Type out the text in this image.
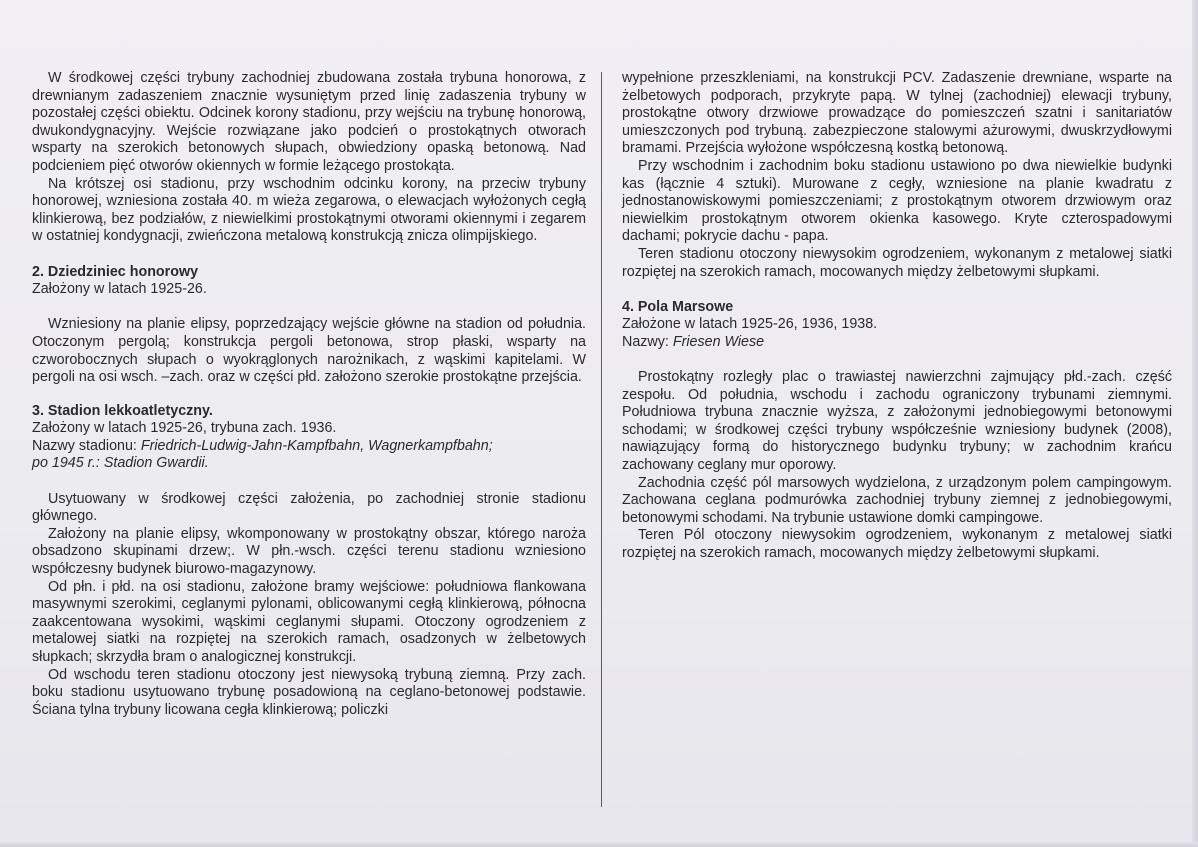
W środkowej części trybuny zachodniej zbudowana została trybuna honorowa, z drewnianym zadaszeniem znacznie wysuniętym przed linię zadaszenia trybuny w pozostałej części obiektu. Odcinek korony stadionu, przy wejściu na trybunę honorową, dwukondygnacyjny. Wejście rozwiązane jako podcień o prostokątnych otworach wsparty na szerokich betonowych słupach, obwiedziony opaską betonową. Nad podcieniem pięć otworów okiennych w formie leżącego prostokąta.

Na krótszej osi stadionu, przy wschodnim odcinku korony, na przeciw trybuny honorowej, wzniesiona została 40. m wieża zegarowa, o elewacjach wyłożonych cegłą klinkierową, bez podziałów, z niewielkimi prostokątnymi otworami okiennymi i zegarem w ostatniej kondygnacji, zwieńczona metalową konstrukcją znicza olimpijskiego.

2. Dziedziniec honorowy
Założony w latach 1925-26.

Wzniesiony na planie elipsy, poprzedzający wejście główne na stadion od południa. Otoczonym pergolą; konstrukcja pergoli betonowa, strop płaski, wsparty na czworobocznych słupach o wyokrąglonych narożnikach, z wąskimi kapitelami. W pergoli na osi wsch. –zach. oraz w części płd. założono szerokie prostokątne przejścia.

3. Stadion lekkoatletyczny.
Założony w latach 1925-26, trybuna zach. 1936.
Nazwy stadionu: Friedrich-Ludwig-Jahn-Kampfbahn, Wagnerkampfbahn;
po 1945 r.: Stadion Gwardii.

Usytuowany w środkowej części założenia, po zachodniej stronie stadionu głównego.

Założony na planie elipsy, wkomponowany w prostokątny obszar, którego naroża obsadzono skupinami drzew;. W płn.-wsch. części terenu stadionu wzniesiono współczesny budynek biurowo-magazynowy.

Od płn. i płd. na osi stadionu, założone bramy wejściowe: południowa flankowana masywnymi szerokimi, ceglanymi pylonami, oblicowanymi cegłą klinkierową, północna zaakcentowana wysokimi, wąskimi ceglanymi słupami. Otoczony ogrodzeniem z metalowej siatki na rozpiętej na szerokich ramach, osadzonych w żelbetowych słupkach; skrzydła bram o analogicznej konstrukcji.

Od wschodu teren stadionu otoczony jest niewysoką trybuną ziemną. Przy zach. boku stadionu usytuowano trybunę posadowioną na ceglano-betonowej podstawie. Ściana tylna trybuny licowana cegła klinkierową; policzki

wypełnione przeszkleniami, na konstrukcji PCV. Zadaszenie drewniane, wsparte na żelbetowych podporach, przykryte papą. W tylnej (zachodniej) elewacji trybuny, prostokątne otwory drzwiowe prowadzące do pomieszczeń szatni i sanitariatów umieszczonych pod trybuną. zabezpieczone stalowymi ażurowymi, dwuskrzydłowymi bramami. Przejścia wyłożone współczesną kostką betonową.

Przy wschodnim i zachodnim boku stadionu ustawiono po dwa niewielkie budynki kas (łącznie 4 sztuki). Murowane z cegły, wzniesione na planie kwadratu z jednostanowiskowymi pomieszczeniami; z prostokątnym otworem drzwiowym oraz niewielkim prostokątnym otworem okienka kasowego. Kryte czterospadowymi dachami; pokrycie dachu - papa.

Teren stadionu otoczony niewysokim ogrodzeniem, wykonanym z metalowej siatki rozpiętej na szerokich ramach, mocowanych między żelbetowymi słupkami.

4. Pola Marsowe
Założone w latach 1925-26, 1936, 1938.
Nazwy: Friesen Wiese

Prostokątny rozległy plac o trawiastej nawierzchni zajmujący płd.-zach. część zespołu. Od południa, wschodu i zachodu ograniczony trybunami ziemnymi. Południowa trybuna znacznie wyższa, z założonymi jednobiegowymi betonowymi schodami; w środkowej części trybuny współcześnie wzniesiony budynek (2008), nawiązujący formą do historycznego budynku trybuny; w zachodnim krańcu zachowany ceglany mur oporowy.

Zachodnia część pól marsowych wydzielona, z urządzonym polem campingowym. Zachowana ceglana podmurówka zachodniej trybuny ziemnej z jednobiegowymi, betonowymi schodami. Na trybunie ustawione domki campingowe.

Teren Pól otoczony niewysokim ogrodzeniem, wykonanym z metalowej siatki rozpiętej na szerokich ramach, mocowanych między żelbetowymi słupkami.
